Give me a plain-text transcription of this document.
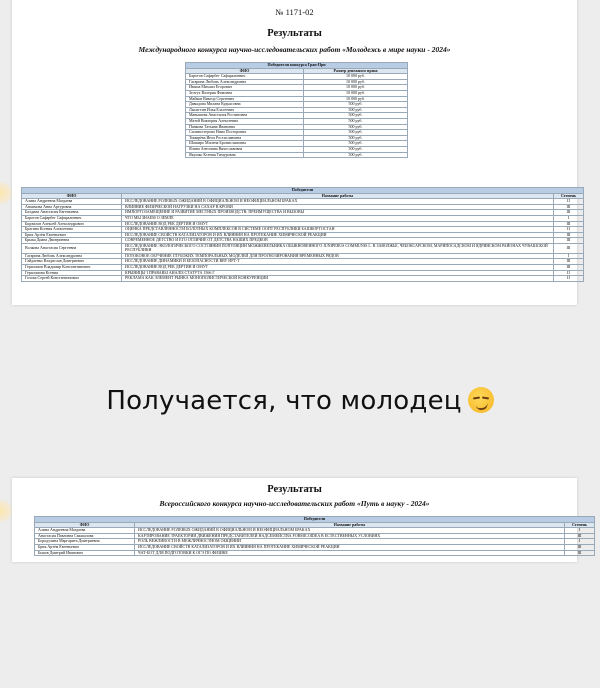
№ 1171-02
Результаты
Международного конкурса научно-исследовательских работ «Молодежь в мире науки - 2024»
Победители конкурса Гран-При	
ФИО	Размер денежного приза
Баротов Сафарбег Сафаралиевич	10 000 руб.
Гагарина Любовь Александровна	10 000 руб.
Иваша Михаил Егорович	10 000 руб.
Зелтух Валерия Фомовна	10 000 руб.
Майков Виктор Сергеевич	10 000 руб.
Давыдова Милана Кудьясовна	500 руб.
Лысиггин Илья Ельсеевич	500 руб.
Мавышева Анастасия Ростиновна	500 руб.
Матей Виктория Алексеевна	500 руб.
Панкова Татьяна Ивановна	500 руб.
Силивостерова Нина Посторовна	500 руб.
Тимирёва Инга Ростиславовна	500 руб.
Шаширо Милена Бронисламовна	500 руб.
Ялина Антонина Вячеславовна	500 руб.
Якушко Ксения Тимуровна	500 руб.
Победители		
ФИО	Название работы	Степень
Алина Андреевна Магдаева	ИССЛЕДОВАНИЕ РОЛЕВЫХ ОЖИДАНИЙ В ОФИЦИАЛЬНОМ И НЕОФИЦИАЛЬНОМ БРАКАХ	II
Анаимова Анна Артуровна	ВЛИЯНИЕ ФИЗИЧЕСКОЙ НАГРУЗКИ НА САХАР В КРОВИ	III
Балдина Анастасия Евгеньевна	ИМПОРТОЗАМЕЩЕНИЕ И РАЗВИТИЕ МЕСТНЫХ ПРОИЗВОДСТВ: ПРЕИМУЩЕСТВА И ВЫЗОВЫ	III
Баротов Сафарбег Сафаралиевич	ЧТО МЫ ЗНАЕМ О ЗЕМЛЕ	I
Бирзилов Алексей Александрович	ИССЛЕДОВАНИЕ ВОД РЕК ДЕРТИН И ОМУТ	III
Брагина Ксения Алексеевна	ОЦЕНКА ПРЕДСТАВЛЕННОСТИ БОЛОТНЫХ КОМПЛЕКСОВ В СИСТЕМЕ ООПТ РЕСПУБЛИКИ БАШКОРТОСТАН	II
Брик Артём Евгеньевич	ИССЛЕДОВАНИЕ СВОЙСТВ КАТАЛИЗАТОРОВ И ИХ ВЛИЯНИЯ НА ПРОТЕКАНИЕ ХИМИЧЕСКОЙ РЕАКЦИИ	III
Брыка Диана Дмитриевна	СОВРЕМЕННОЕ ДЕТСТВО И ЕГО ОТЛИЧИЕ ОТ ДЕТСТВА НАШИХ ПРЕДКОВ	III
Волкова Анастасия Сергеевна	ИССЛЕДОВАНИЕ ЭКОЛОГИЧЕСКОГО СОСТОЯНИЯ ПОПУЛЯЦИИ МОЖЖЕВЕЛЬНИКА ОБЫКНОВЕННОГО JUNIPERUS COMMUNIS L. В ЗАВОЛЖЬЕ, ЧЕБОКСАРСКОМ, МАРИПОСАДСКОМ И ЯДРИНСКОМ РАЙОНАХ ЧУВАШСКОЙ РЕСПУБЛИКИ	III
Гагарина Любовь Александровна	ПОТОКОВОЕ ОБУЧЕНИЕ ГЛУБОКИХ ТЕМПОРАЛЬНЫХ МОДЕЛЕЙ ДЛЯ ПРОГНОЗИРОВАНИЯ ВРЕМЕННЫХ РЯДОВ	I
Гайдаенко Владислав Дмитриевич	ИССЛЕДОВАНИЕ ДИНАМИКИ И БЕЗОПАСНОСТИ ВВУ ИРТ-Т	III
Герасимов Владимир Константинович	ИССЛЕДОВАНИЕ ВОД РЕК ДЕРТИН И ОМУТ	III
Герасимова Ксения	КРЫНИЦЫ I ПРАВАВЫ АНАЛІЗ СТАТУТА 1566 Г	II
Голова Сергей Константинович	РЕКЛАМА КАК ЭЛЕМЕНТ РЫНКА МОНОПОЛИСТИЧЕСКОЙ КОНКУРЕНЦИИ	II
Получается, что молодец
Результаты
Всероссийского конкурса научно-исследовательских работ «Путь в науку - 2024»
Победители		
ФИО	Название работы	Степень
Алина Андреевна Магдаева	ИССЛЕДОВАНИЕ РОЛЕВЫХ ОЖИДАНИЙ В ОФИЦИАЛЬНОМ И НЕОФИЦИАЛЬНОМ БРАКАХ	I
Анастасия Павловна Смыкалова	КАРТИРОВАНИЕ ТРАЕКТОРИИ ДВИЖЕНИЯ ПРЕДСТАВИТЕЛЕЙ НАДСЕМЕЙСТВА FORMICOIDEA В ЕСТЕСТВЕННЫХ УСЛОВИЯХ	III
Бородулина Маргарита Дмитриевна	РОЛЬ ВЕЖЛИВОСТИ В МЕЖЛИЧНОСТНОМ ОБЩЕНИИ	I
Брик Артём Евгеньевич	ИССЛЕДОВАНИЕ СВОЙСТВ КАТАЛИЗАТОРОВ И ИХ ВЛИЯНИЯ НА ПРОТЕКАНИЕ ХИМИЧЕСКОЙ РЕАКЦИИ	III
Быков Дмитрий Иванович	ЧАТ-БОТ ДЛЯ ПОДГОТОВКИ К ОГЭ ПО ФИЗИКЕ	III
